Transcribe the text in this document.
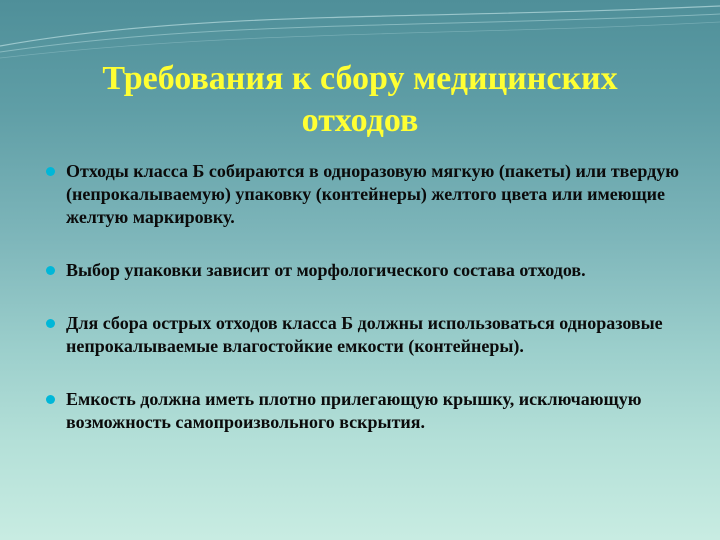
Требования к сбору медицинских отходов
Отходы класса Б собираются в одноразовую мягкую (пакеты) или твердую (непрокалываемую) упаковку (контейнеры) желтого цвета или имеющие желтую маркировку.
Выбор упаковки зависит от морфологического состава отходов.
Для сбора острых отходов класса Б должны использоваться одноразовые непрокалываемые влагостойкие емкости (контейнеры).
Емкость должна иметь плотно прилегающую крышку, исключающую возможность самопроизвольного вскрытия.
